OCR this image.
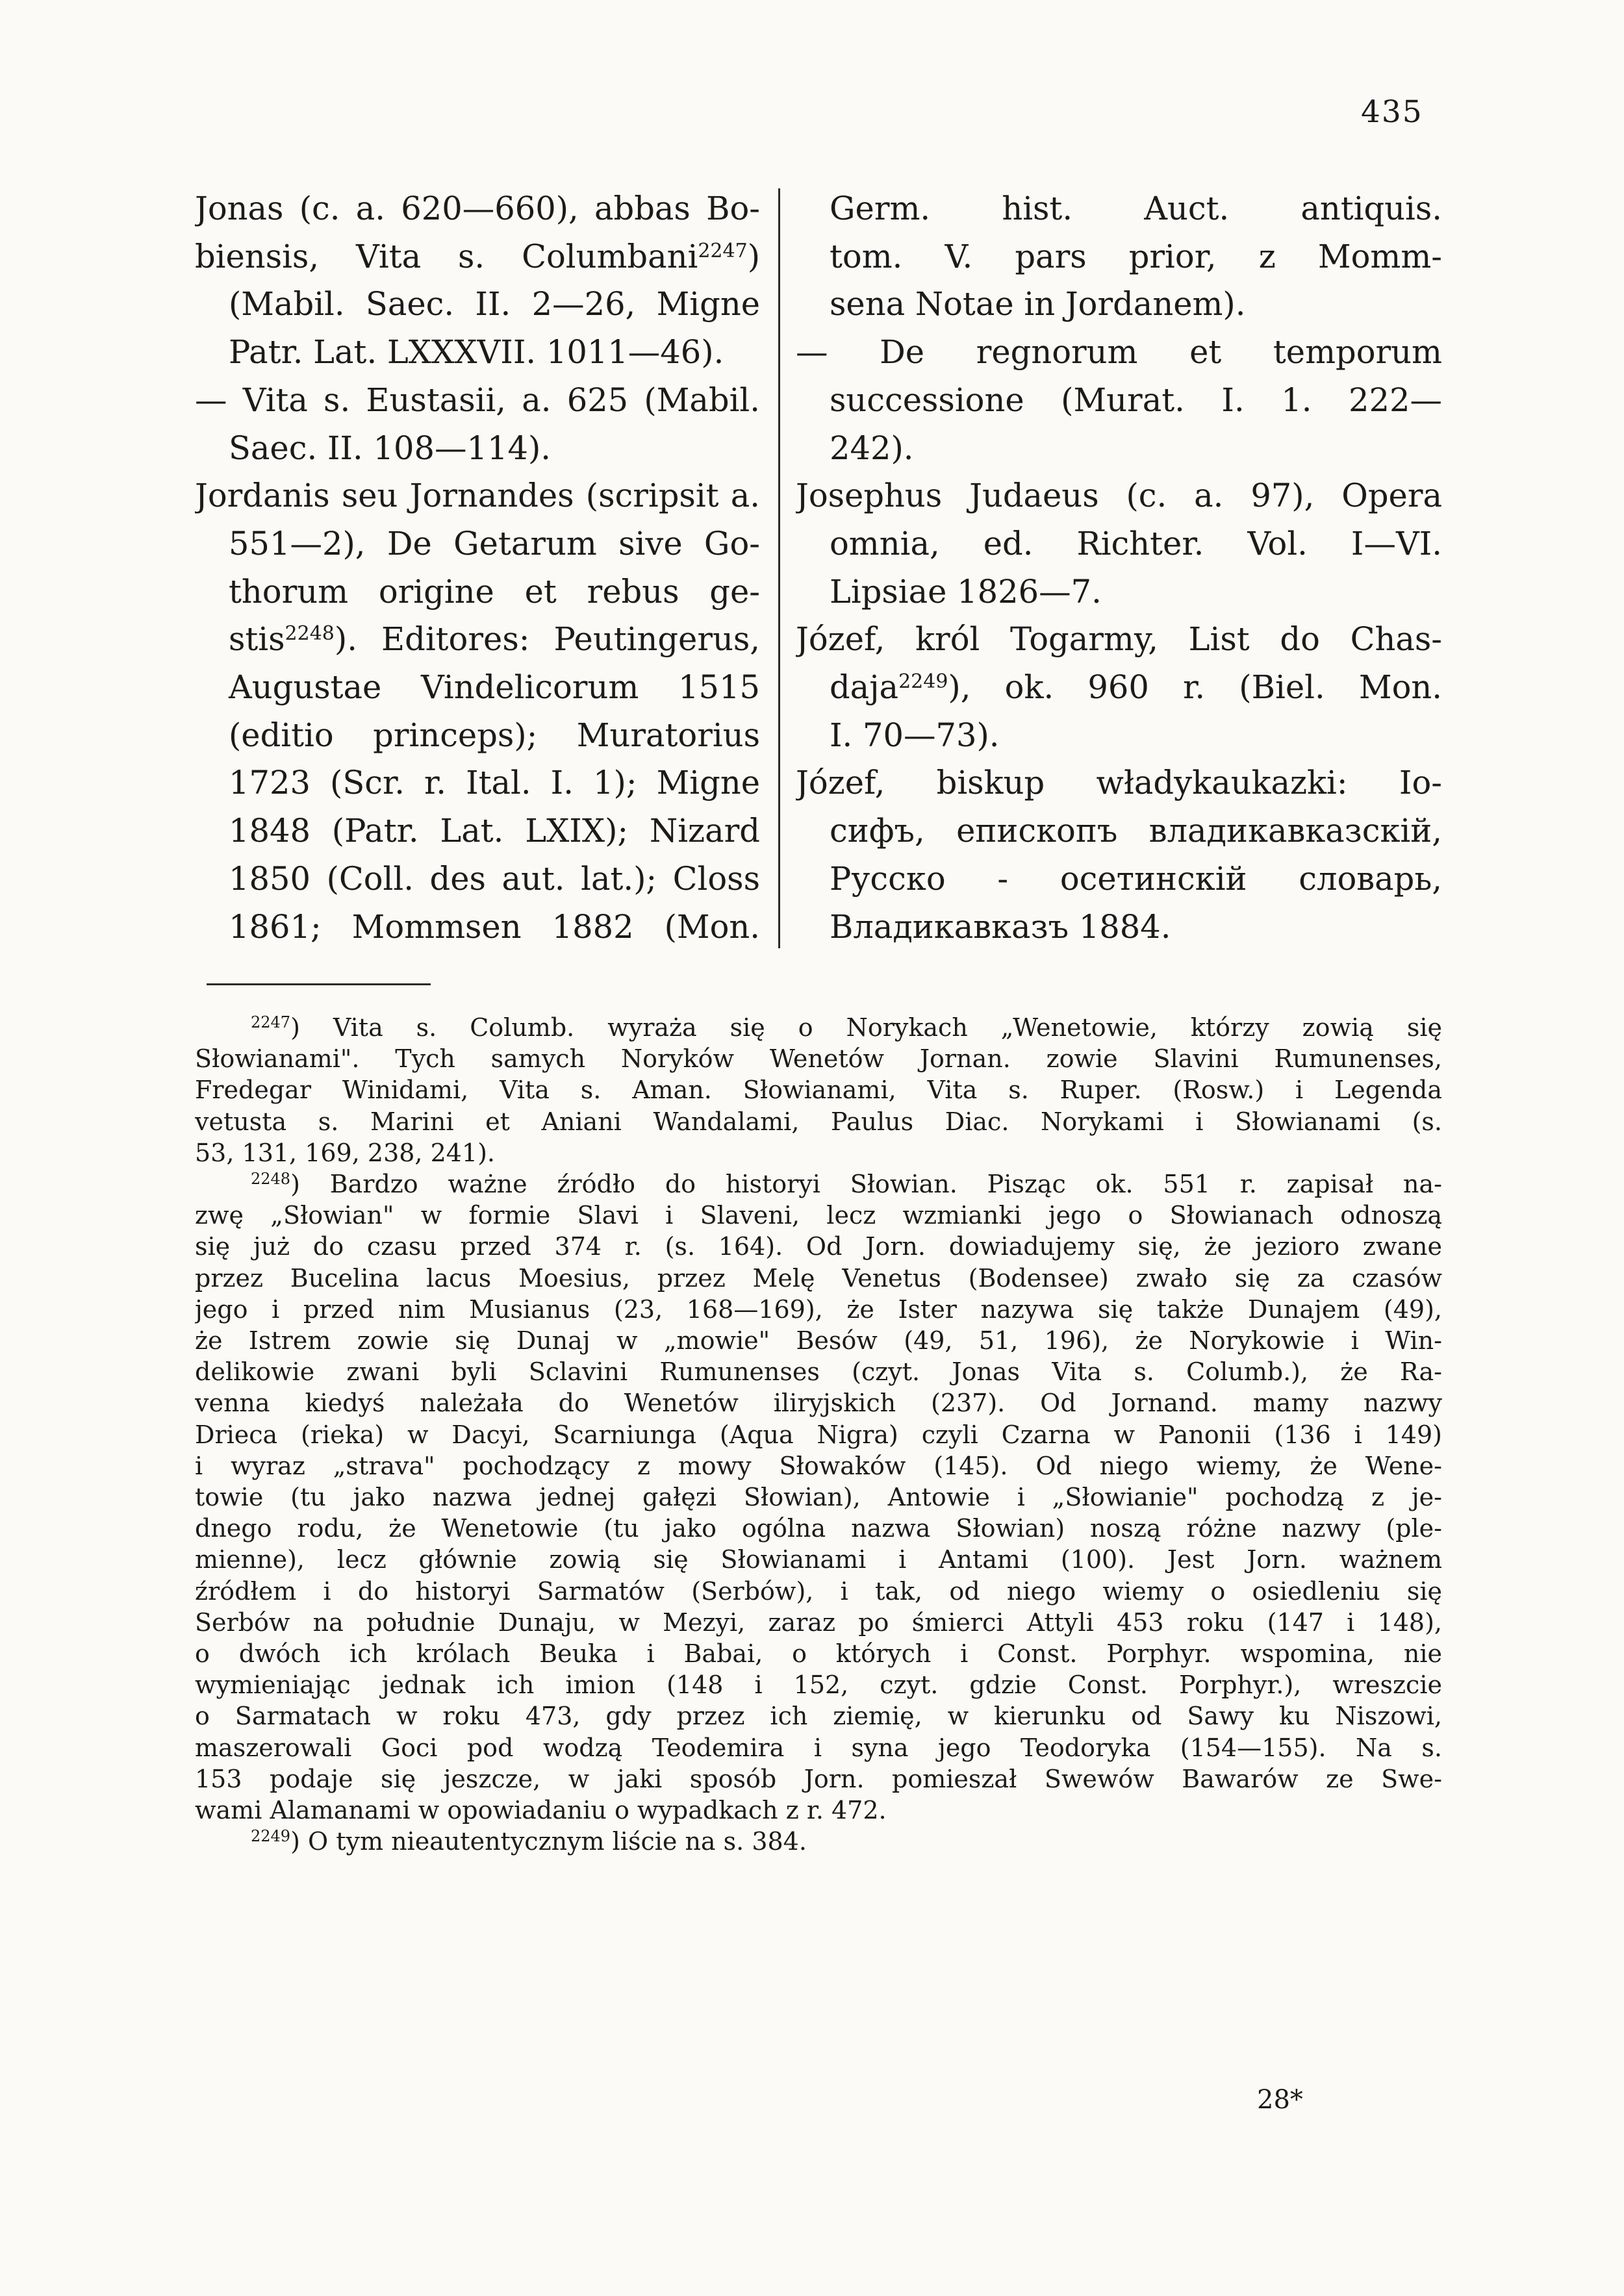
435
Jonas (c. a. 620—660), abbas Bo-
biensis, Vita s. Columbani$^{2247}$)
(Mabil. Saec. II. 2—26, Migne
Patr. Lat. LXXXVII. 1011—46).
— Vita s. Eustasii, a. 625 (Mabil.
Saec. II. 108—114).
Jordanis seu Jornandes (scripsit a.
551—2), De Getarum sive Go-
thorum origine et rebus ge-
stis$^{2248}$). Editores: Peutingerus,
Augustae Vindelicorum 1515
(editio princeps); Muratorius
1723 (Scr. r. Ital. I. 1); Migne
1848 (Patr. Lat. LXIX); Nizard
1850 (Coll. des aut. lat.); Closs
1861; Mommsen 1882 (Mon.
Germ. hist. Auct. antiquis.
tom. V. pars prior, z Momm-
sena Notae in Jordanem).
— De regnorum et temporum
successione (Murat. I. 1. 222—
242).
Josephus Judaeus (c. a. 97), Opera
omnia, ed. Richter. Vol. I—VI.
Lipsiae 1826—7.
Józef, król Togarmy, List do Chas-
daja$^{2249}$), ok. 960 r. (Biel. Mon.
I. 70—73).
Józef, biskup władykaukazki: Io-
сифъ, епископъ владикавказскій,
Русско - осетинскій словарь,
Владикавказъ 1884.
$^{2247}$) Vita s. Columb. wyraża się o Norykach „Wenetowie, którzy zowią się
Słowianami". Tych samych Noryków Wenetów Jornan. zowie Slavini Rumunenses,
Fredegar Winidami, Vita s. Aman. Słowianami, Vita s. Ruper. (Rosw.) i Legenda
vetusta s. Marini et Aniani Wandalami, Paulus Diac. Norykami i Słowianami (s.
53, 131, 169, 238, 241).
$^{2248}$) Bardzo ważne źródło do historyi Słowian. Pisząc ok. 551 r. zapisał na-
zwę „Słowian" w formie Slavi i Slaveni, lecz wzmianki jego o Słowianach odnoszą
się już do czasu przed 374 r. (s. 164). Od Jorn. dowiadujemy się, że jezioro zwane
przez Bucelina lacus Moesius, przez Melę Venetus (Bodensee) zwało się za czasów
jego i przed nim Musianus (23, 168—169), że Ister nazywa się także Dunajem (49),
że Istrem zowie się Dunaj w „mowie" Besów (49, 51, 196), że Norykowie i Win-
delikowie zwani byli Sclavini Rumunenses (czyt. Jonas Vita s. Columb.), że Ra-
venna kiedyś należała do Wenetów iliryjskich (237). Od Jornand. mamy nazwy
Drieca (rieka) w Dacyi, Scarniunga (Aqua Nigra) czyli Czarna w Panonii (136 i 149)
i wyraz „strava" pochodzący z mowy Słowaków (145). Od niego wiemy, że Wene-
towie (tu jako nazwa jednej gałęzi Słowian), Antowie i „Słowianie" pochodzą z je-
dnego rodu, że Wenetowie (tu jako ogólna nazwa Słowian) noszą różne nazwy (ple-
mienne), lecz głównie zowią się Słowianami i Antami (100). Jest Jorn. ważnem
źródłem i do historyi Sarmatów (Serbów), i tak, od niego wiemy o osiedleniu się
Serbów na południe Dunaju, w Mezyi, zaraz po śmierci Attyli 453 roku (147 i 148),
o dwóch ich królach Beuka i Babai, o których i Const. Porphyr. wspomina, nie
wymieniając jednak ich imion (148 i 152, czyt. gdzie Const. Porphyr.), wreszcie
o Sarmatach w roku 473, gdy przez ich ziemię, w kierunku od Sawy ku Niszowi,
maszerowali Goci pod wodzą Teodemira i syna jego Teodoryka (154—155). Na s.
153 podaje się jeszcze, w jaki sposób Jorn. pomieszał Swewów Bawarów ze Swe-
wami Alamanami w opowiadaniu o wypadkach z r. 472.
$^{2249}$) O tym nieautentycznym liście na s. 384.
28*
